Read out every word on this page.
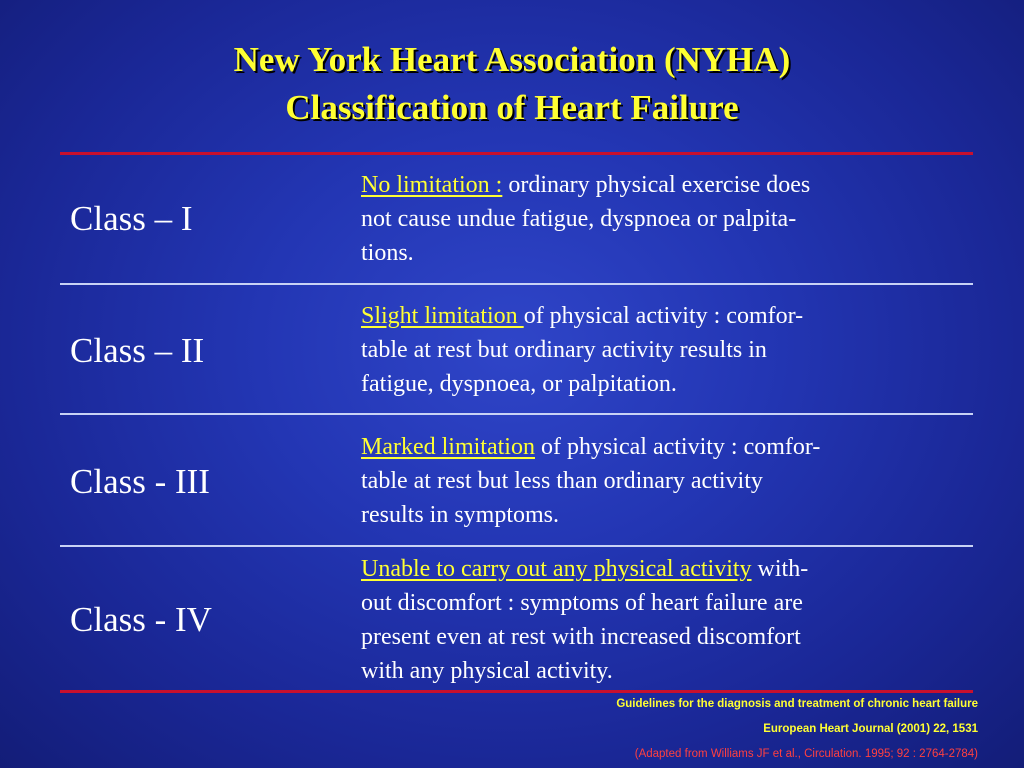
New York Heart Association (NYHA)
Classification of Heart Failure
Class – I
No limitation : ordinary physical exercise does
not cause undue fatigue, dyspnoea or palpita-
tions.
Class – II
Slight limitation of physical activity : comfor-
table at rest but ordinary activity results in
fatigue, dyspnoea, or palpitation.
Class - III
Marked limitation of physical activity : comfor-
table at rest but less than ordinary activity
results in symptoms.
Class - IV
Unable to carry out any physical activity with-
out discomfort : symptoms of heart failure are
present even at rest with increased discomfort
with any physical activity.
Guidelines for the diagnosis and treatment of chronic heart failure
European Heart Journal (2001) 22, 1531
(Adapted from Williams JF et al., Circulation. 1995; 92 : 2764-2784)
